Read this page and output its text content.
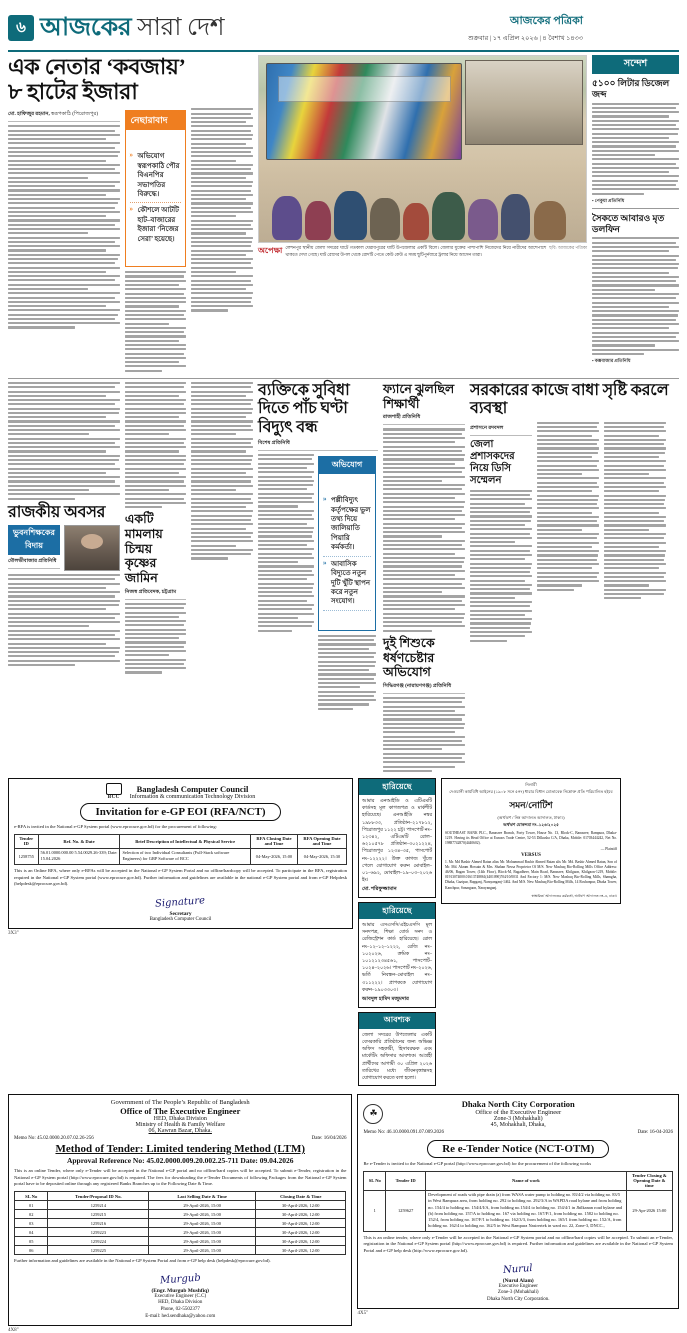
৬ আজকের সারা দেশ	আজকের পত্রিকা
শুক্রবার | ১৭ এপ্রিল ২০২৬ | ৪ বৈশাখ ১৪৩৩
এক নেতার ‘কবজায়’
৮ হাটের ইজারা
মো. হাফিজুর রহমান, স্বরূপকাঠি (পিরোজপুর)
নেছারাবাদ
» অভিযোগ স্বরূপকাঠি পৌর বিএনপির সভাপতির বিরুদ্ধে।
» কৌশলে আটটি হাট–বাজারের ইজারা ‘নিজের সেরা’ হয়েছে।
অপেক্ষা লেশনপুর স্থানীয় জেলা সদরের ঘাটে গতকাল ঘেরাবপুরের ঘাটি উপজেলার একটি বিলে। জেলার যুক্তের পাশাপাশি নিজেদের নিয়ে নারীদের আশেপাশে থাকতে দেখা গেছে। ঘাট রোদের উপল থেকে রোদটি পেতে কেউ কেউ এ সময় ছুটিপুর্নবারে ট্রলার নিয়ে আসেন তারা।
ছবি: আজকের পত্রিকা
সন্দেশ
৫১০০ লিটার ডিজেল জব্দ
• পেকুয়া প্রতিনিধি
সৈকতে আবারও মৃত ডলফিন
• কক্সবাজার প্রতিনিধি
রাজকীয় অবসর
ভুবনশিক্ষকের বিদায়
মৌলভীবাজার প্রতিনিধি
একটি মামলায় চিন্ময় কৃষ্ণের জামিন
নিজস্ব প্রতিবেদক, চট্টগ্রাম
ব্যক্তিকে সুবিধা দিতে পাঁচ ঘণ্টা বিদ্যুৎ বন্ধ
বিশেষ প্রতিনিধি
অভিযোগ
» পল্লীবিদ্যুৎ কর্তৃপক্ষের ভুল তথ্য দিয়ে জালিয়াতি পিয়ারি কর্মকর্তা।
» আবাসিক বিদ্যুতে নতুন দুটি খুঁটি স্থাপন করে নতুন সংযোগ।
ফ্যানে ঝুলছিল শিক্ষার্থী
রাজশাহী প্রতিনিধি
দুই শিশুকে ধর্ষণচেষ্টার অভিযোগ
সিদ্ধিরগঞ্জ (নারায়ণগঞ্জ) প্রতিনিধি
সরকারের কাজে বাধা সৃষ্টি করলে ব্যবস্থা
প্রশাসনে রদবদল
জেলা প্রশাসকদের নিয়ে ডিসি সম্মেলন
BCC
Bangladesh Computer Council
Information & communication Technology Division
Invitation for e-GP EOI (RFA/NCT)
e-RFA is invited in the National e-GP System portal (www.eprocure.gov.bd) for the procurement of following:
Tender ID	Ref. No. & Date	Brief Description of Intellectual & Physical Service	RFA Closing Date and Time	RFA Opening Date and Time
1258755	56.01.0000.000.00 5.54.0029.26-339; Date: 15.04.2026	Selection of two Individual Consultants (Full-Stack software Engineers) for GRP Software of BCC	04-May-2026, 15:00	04-May-2026, 15:30
This is an Online RFA, where only e-RFAs will be accepted in the National e-GP System Portal and no offline/hardcopy will be accepted. To participate in the RFA, registration required in the National e-GP System portal (www.eprocure.gov.bd). Further information and guidelines are available in the national e-GP System portal and from e-GP Helpdesk (helpdesk@eprocure.gov.bd).
Signature
Secretary
Bangladesh Computer Council
3X3"
হারিয়েছে
আমার এনআইডি ও এটিএমটি কার্ডসহ মূল কাগজপত্র ও মার্কশীট হারিয়েছে। এনআইডি নম্বর ১৯৮৮৩৩, প্রতিষ্ঠান–২১৭৮১২, পিরোজপুর ১১২২ চট্ট। পাসপোর্ট নং–১২৩৪২, এটিএমটি রোল–৬২১০৫৭৮ প্রতিষ্ঠান–৩০২১২২৪, পিরোজপুর ১২৩৪–৩৫, পাসপোর্ট নং–১২২২২। উক্ত কাগজ খুঁজে পেলে যোগাযোগ করুন মোবাইল–০১–৬৯২, মোবাইল–১৯–০৩–২০২৬ ইং।
মো. শরিফুজ্জামান
হারিয়েছে
আমার এসএসসি/এইচএসসি মূল সনদপত্র, শিক্ষা বোর্ড সনদ ও রেজিস্ট্রেশন কার্ড হারিয়েছে। রোল নং–১২–১২–১২২২, রেজি নং–১০২০২৬, ক্রমিক নং–১০১২১২৩৪৫৬১, পাসপোর্ট–১০২৪–২০২৬। পাসপোর্ট নং–২০২৬, ভর্তি নিবন্ধন–মোবাইল নং–৩১১২২২। প্রাপককে যোগাযোগ করুন–১৯০৩৩০৩।
আবদুল হামিদ মজুমদার
আবশ্যক
জেলা সদরের উপজেলার একটি বেসরকারি প্রতিষ্ঠানের জন্য অভিজ্ঞ অফিস সহকারী, হিসাবরক্ষক এবং মার্কেটিং অফিসার আবশ্যক। আগ্রহী প্রার্থীদের আগামী ৩০ এপ্রিল ২০২৬ তারিখের মধ্যে জীবনবৃত্তান্তসহ যোগাযোগ করতে বলা হলো।
নিলামী
দেওয়ানী কার্যবিধি আইনের (১৯০৮ সনে ৫নং) ধারার বিধান মোতাবেক নিম্নোক্ত প্রতি পরিচালিত হইবে
সমন/নোটিশ
(অর্থঋণ / নিম্ন আদালত আদালত, ঢাকা।)
অর্থঋণ মোকদ্দমা নং–১২৬/২০২৫
SOUTHEAST BANK PLC., Banasree Branch, Forty Tower, House No. 13, Block-C, Banasree, Rampura, Dhaka-1219. Having its Head Office at Eunoos Trade Centre, 52-53 Dilkusha C/A, Dhaka, Mobile: 01703444242, Net No. 19887742870(4440602).
— Plaintiff
VERSUS
1. Mr. Md Bashir Ahmed Ratan alias Mr. Mohammad Bashir Ahmed Ratan alis Mr. Md. Bashir Ahmed Ratan, Son of Mr. Md. Akram Hossain & Mrs. Shahan Nessa Proprietor Of M/S. New Mashuq Bio-Rolling Mills Office Address: 46/06, Bagan Tower, (14th Floor), Block-M, Bagadheer, Main Road, Banasree, Khilgaon, Khilgaon-1219, Mobile: 01913074000.01613748861(4401090)704/10/0031 And Factory 1: M/S. New Mashuq Bio-Rolling Mills, Shamgha, Dhaka, Gazipur, Rupganj, Narayanganj-1462. And M/S. New Mashuq Bio-Rolling Mills, 14 Roshonpur, Dhaka Tower, Kanchpur, Sonargaon, Narayanganj.
স্বাক্ষরিত/ আদালতের কর্মকর্তা, অর্থঋণ আদালত নং–৪, ঢাকা।
Government of The People’s Republic of Bangladesh
Office of The Executive Engineer
HED, Dhaka Division
Ministry of Health & Family Welfare
06, Kawran Bazar, Dhaka.
Memo No: 45.02.0000.20.07.02.26-256	Date: 16/04/2026
Method of Tender: Limited tendering Method (LTM)
Approval Reference No: 45.02.0000.009.20.002.25-711 Date: 09.04.2026
This is an online Tender, where only e-Tender will be accepted in the National e-GP portal and no offline/hard copies will be accepted. To submit e-Tender, registration in the National e-GP System portal (http://www.eprocure.gov.bd) is required. The fees for downloading the e-Tender Documents of following Packages from the National e-GP System portal have to be deposited online through any registered Banks Branches up to the Following Date & Time.
SL No	Tender/Proposal ID No.	Last Selling Date & Time	Closing Date & Time
01	1259214	29-April-2026, 15:00	30-April-2026, 12:00
02	1259215	29-April-2026, 15:00	30-April-2026, 12:00
03	1259216	29-April-2026, 15:00	30-April-2026, 12:00
04	1259223	29-April-2026, 15:00	30-April-2026, 12:00
05	1259224	29-April-2026, 15:00	30-April-2026, 12:00
06	1259225	29-April-2026, 15:00	30-April-2026, 12:00
Further information and guidelines are available in the National e-GP System Portal and from e-GP help desk (helpdesk@eprocure.gov.bd).
Murgub
(Engr. Murgub Mushfiq)
Executive Engineer (C.C)
HED, Dhaka Division
Phone, 02-5502377
E-mail: hed.sendhaka@yahoo.com
4X8"
☘
Dhaka North City Corporation
Office of the Executive Engineer
Zone-3 (Mohakhali)
45, Mohakhali, Dhaka,
Memo No: 46.10.0000.091.07.009.2026	Date: 16-04-2026
Re e-Tender Notice (NCT-OTM)
Re e-Tender is invited to the National e-GP portal (http://www.eprocure.gov.bd) for the procurement of the following works
SL No	Tender ID	Name of work	Tender Closing & Opening Date & time
1	1259627	Development of roads with pipe drain (a) from WASA water pump to holding no. 83/4/2 via holding no. 83/5 in West Rampura area, from holding no. 292 to holding no. 292/3/A in WAPDA road bylane and from holding no. 154/4 to holding no. 154/4/I/A, from holding no.154/4 to holding no. 154/4/1 in Jhilkanan road bylane and (b) from holding no. 157/A to holding no. 167 via holding no. 167/F/1, from holding no. 1582 to holding no. 152/4, from holding no. 167/F/1 to holding no. 162/3/3, from holding no. 165/1 from holding no. 152/A, from holding no. 162/4 to holding no. 162/5 in West Rampura Nasirertek in ward no. 22, Zone-3, DNCC.,	29-Apr-2026 15:00
This is an online tender, where only e-Tender will be accepted in the National e-GP System portal and no offline/hard copies will be accepted. To submit an e-Tender, registration in the National e-GP System portal (http://www.eprocure.gov.bd) is required. Further information and guidelines are available in the National e-GP System Portal and e-GP help desk (http://www.eprocure.gov.bd).
Nurul
(Nurul Alam)
Executive Engineer
Zone-3 (Mohakhali)
Dhaka North City Corporation.
4X5"
